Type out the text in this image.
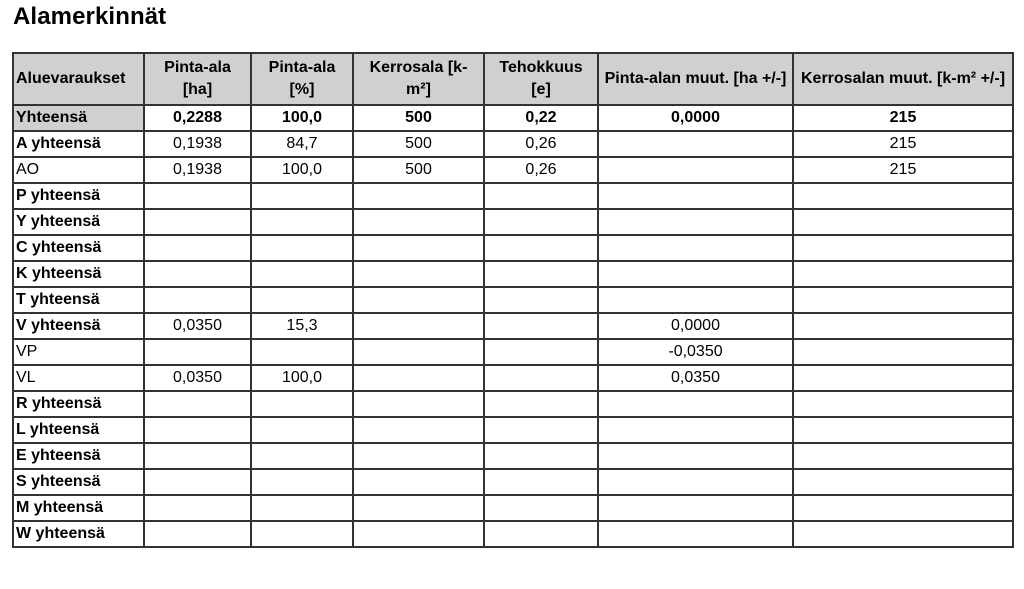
Alamerkinnät
Aluevaraukset	Pinta-ala [ha]	Pinta-ala [%]	Kerrosala [k-m²]	Tehokkuus [e]	Pinta-alan muut. [ha +/-]	Kerrosalan muut. [k-m² +/-]
Yhteensä	0,2288	100,0	500	0,22	0,0000	215
A yhteensä	0,1938	84,7	500	0,26		215
AO	0,1938	100,0	500	0,26		215
P yhteensä						
Y yhteensä						
C yhteensä						
K yhteensä						
T yhteensä						
V yhteensä	0,0350	15,3			0,0000	
VP					-0,0350	
VL	0,0350	100,0			0,0350	
R yhteensä						
L yhteensä						
E yhteensä						
S yhteensä						
M yhteensä						
W yhteensä						
